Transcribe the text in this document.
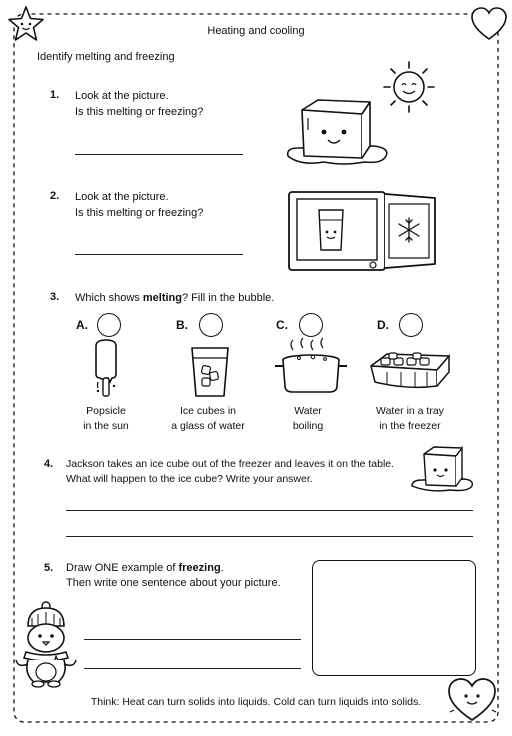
Heating and cooling
Identify melting and freezing
1. Look at the picture.
Is this melting or freezing?
2. Look at the picture.
Is this melting or freezing?
3. Which shows melting? Fill in the bubble.
A.
Popsicle
in the sun
B.
Ice cubes in
a glass of water
C.
Water
boiling
D.
Water in a tray
in the freezer
4. Jackson takes an ice cube out of the freezer and leaves it on the table.
What will happen to the ice cube? Write your answer.
5. Draw ONE example of freezing.
Then write one sentence about your picture.
Think: Heat can turn solids into liquids. Cold can turn liquids into solids.
